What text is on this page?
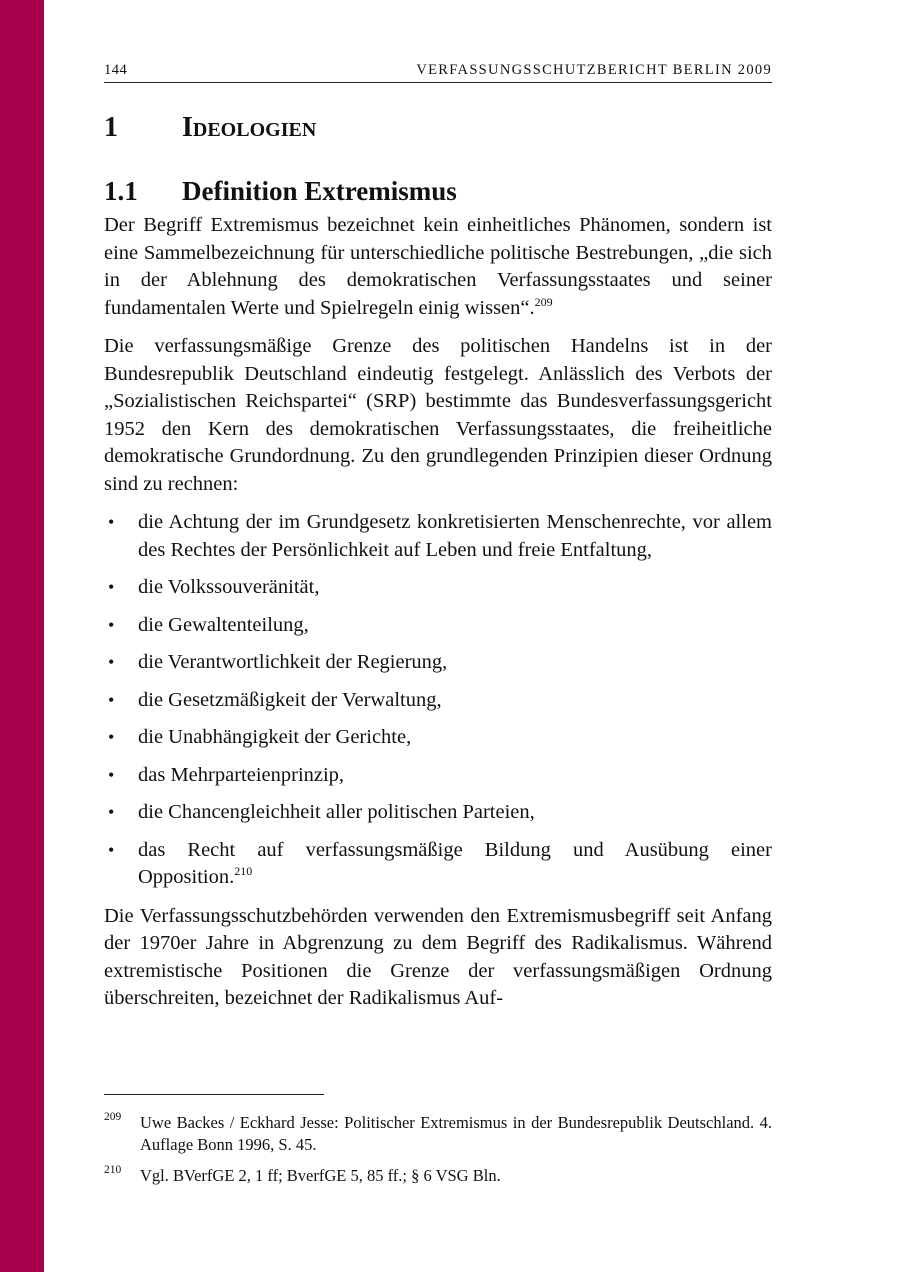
144	VERFASSUNGSSCHUTZBERICHT BERLIN 2009
1 Ideologien
1.1 Definition Extremismus

Der Begriff Extremismus bezeichnet kein einheitliches Phänomen, sondern ist eine Sammelbezeichnung für unterschiedliche politische Bestrebungen, „die sich in der Ablehnung des demokratischen Verfassungsstaates und seiner fundamentalen Werte und Spielregeln einig wissen“.$^{209}$

Die verfassungsmäßige Grenze des politischen Handelns ist in der Bundesrepublik Deutschland eindeutig festgelegt. Anlässlich des Verbots der „Sozialistischen Reichspartei“ (SRP) bestimmte das Bundesverfassungsgericht 1952 den Kern des demokratischen Verfassungsstaates, die freiheitliche demokratische Grundordnung. Zu den grundlegenden Prinzipien dieser Ordnung sind zu rechnen:

• die Achtung der im Grundgesetz konkretisierten Menschenrechte, vor allem des Rechtes der Persönlichkeit auf Leben und freie Entfaltung,
• die Volkssouveränität,
• die Gewaltenteilung,
• die Verantwortlichkeit der Regierung,
• die Gesetzmäßigkeit der Verwaltung,
• die Unabhängigkeit der Gerichte,
• das Mehrparteienprinzip,
• die Chancengleichheit aller politischen Parteien,
• das Recht auf verfassungsmäßige Bildung und Ausübung einer Opposition.$^{210}$

Die Verfassungsschutzbehörden verwenden den Extremismusbegriff seit Anfang der 1970er Jahre in Abgrenzung zu dem Begriff des Radikalismus. Während extremistische Positionen die Grenze der verfassungsmäßigen Ordnung überschreiten, bezeichnet der Radikalismus Auf-

209 Uwe Backes / Eckhard Jesse: Politischer Extremismus in der Bundesrepublik Deutschland. 4. Auflage Bonn 1996, S. 45.
210 Vgl. BVerfGE 2, 1 ff; BverfGE 5, 85 ff.; § 6 VSG Bln.
